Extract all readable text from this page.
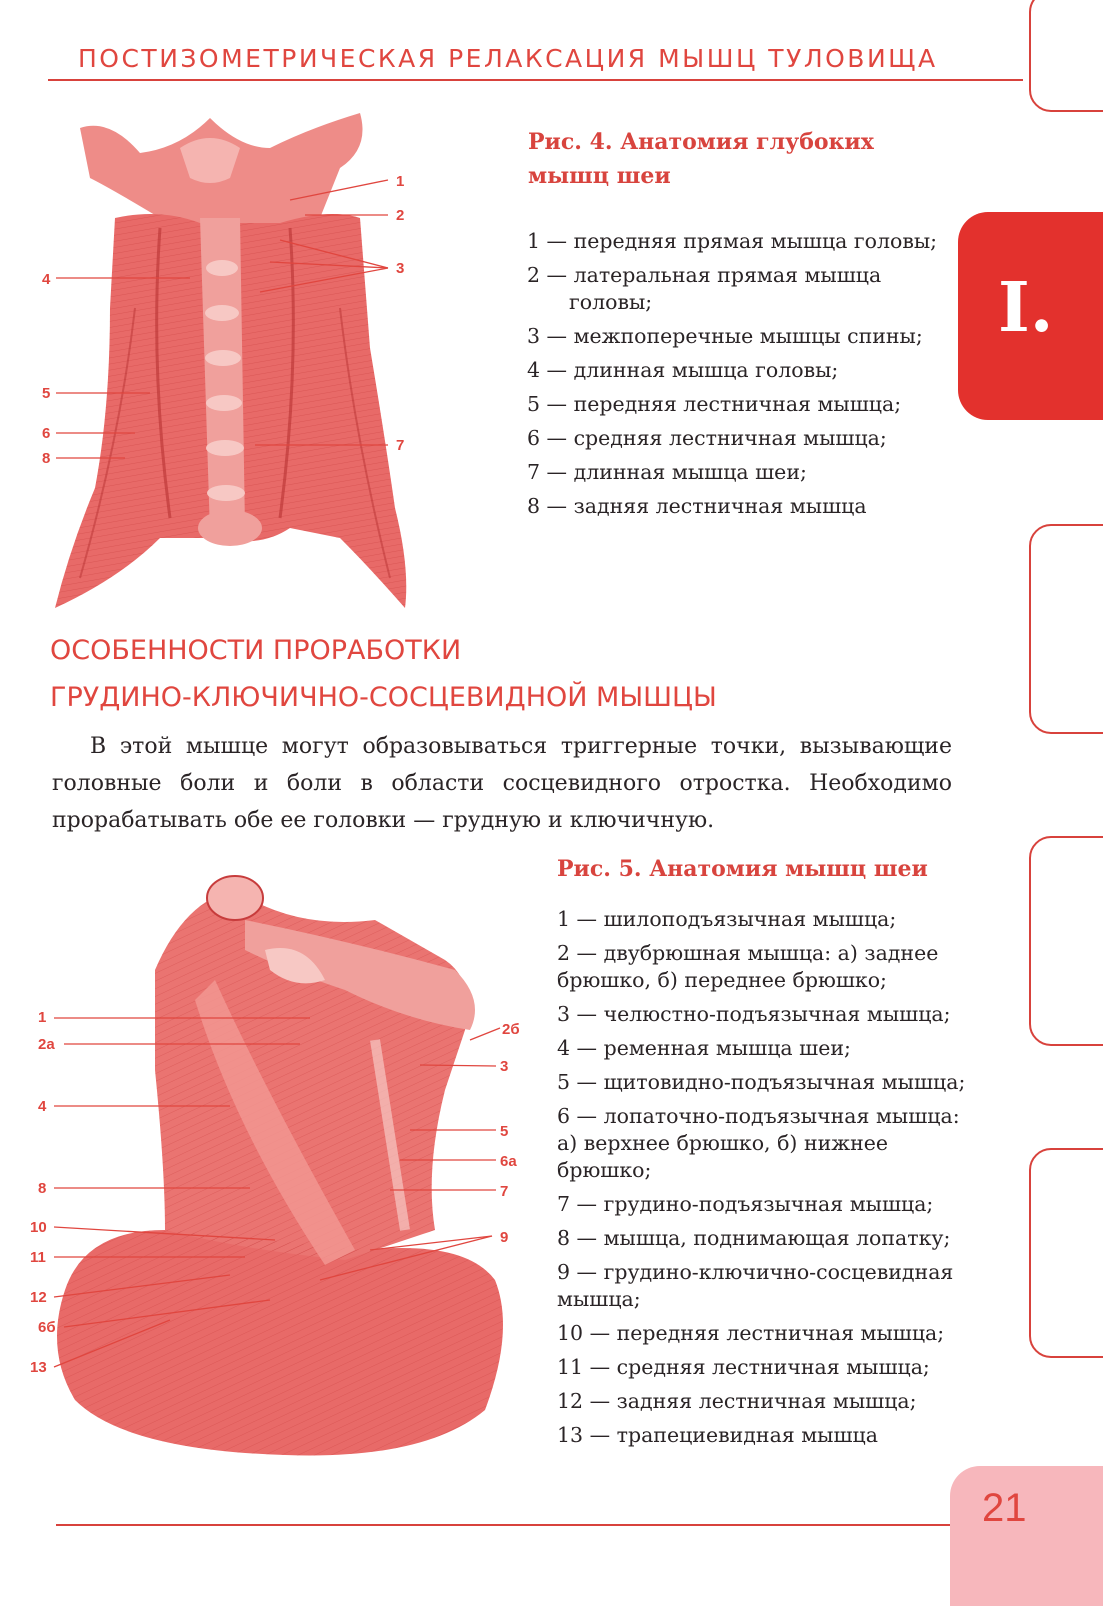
ПОСТИЗОМЕТРИЧЕСКАЯ РЕЛАКСАЦИЯ МЫШЦ ТУЛОВИЩА
I.
1
2
3
4
5
6
8
7
Рис. 4. Анатомия глубоких мышц шеи
1 — передняя прямая мышца головы;
2 — латеральная прямая мышца головы;
3 — межпоперечные мышцы спины;
4 — длинная мышца головы;
5 — передняя лестничная мышца;
6 — средняя лестничная мышца;
7 — длинная мышца шеи;
8 — задняя лестничная мышца
ОСОБЕННОСТИ ПРОРАБОТКИ
ГРУДИНО-КЛЮЧИЧНО-СОСЦЕВИДНОЙ МЫШЦЫ
В этой мышце могут образовываться триггерные точки, вызывающие головные боли и боли в области сосцевидного отростка. Необходимо прорабатывать обе ее головки — грудную и ключичную.
1
2а
4
8
10
11
12
6б
13
2б
3
5
6а
7
9
Рис. 5. Анатомия мышц шеи
1 — шилоподъязычная мышца;
2 — двубрюшная мышца: а) заднее брюшко, б) переднее брюшко;
3 — челюстно-подъязычная мышца;
4 — ременная мышца шеи;
5 — щитовидно-подъязычная мышца;
6 — лопаточно-подъязычная мышца: а) верхнее брюшко, б) нижнее брюшко;
7 — грудино-подъязычная мышца;
8 — мышца, поднимающая лопатку;
9 — грудино-ключично-сосцевидная мышца;
10 — передняя лестничная мышца;
11 — средняя лестничная мышца;
12 — задняя лестничная мышца;
13 — трапециевидная мышца
21
